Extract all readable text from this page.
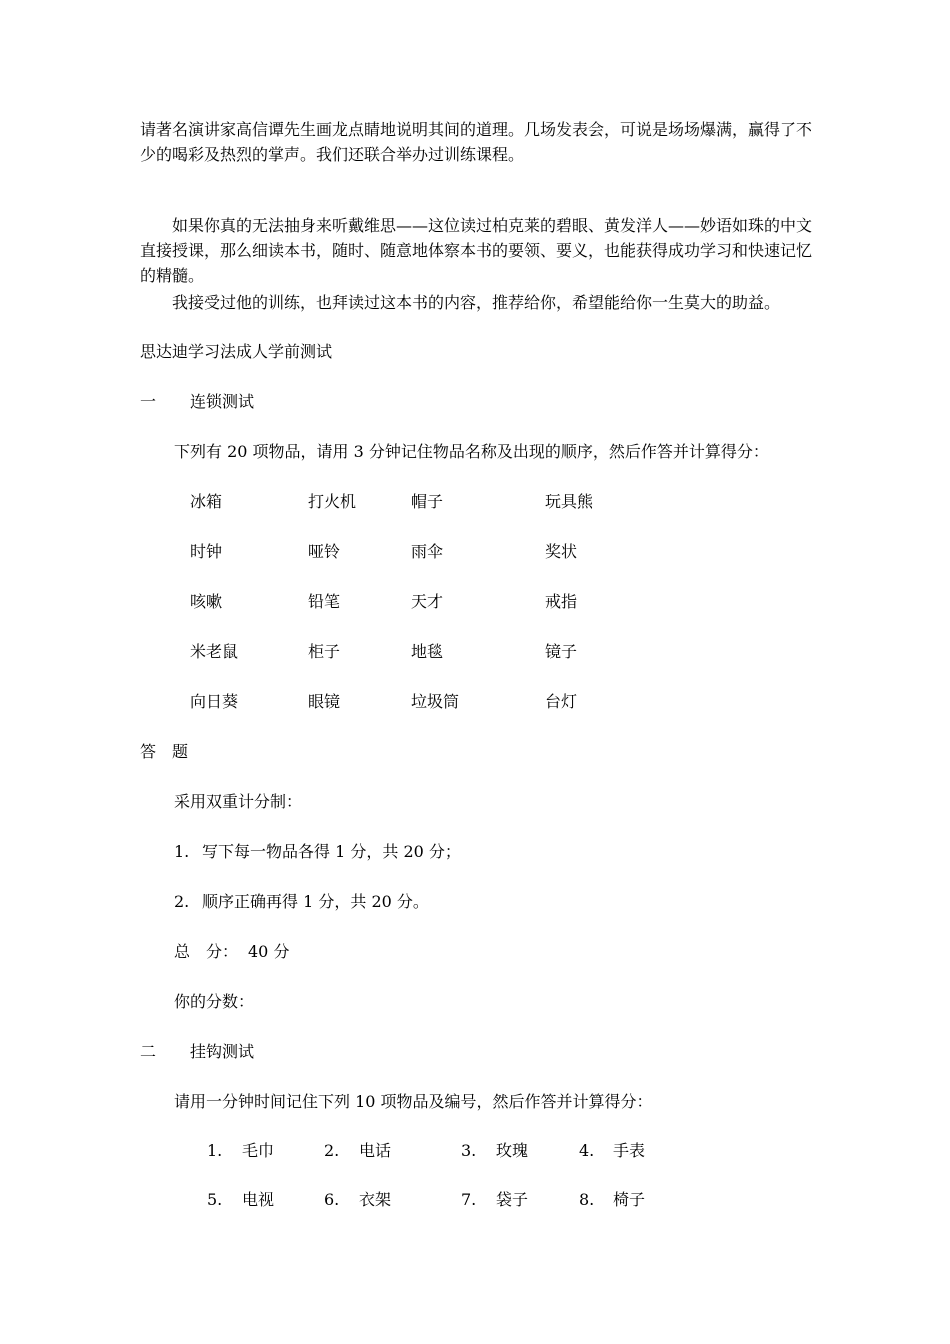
请著名演讲家高信谭先生画龙点睛地说明其间的道理。几场发表会，可说是场场爆满，赢得了不少的喝彩及热烈的掌声。我们还联合举办过训练课程。

如果你真的无法抽身来听戴维思——这位读过柏克莱的碧眼、黄发洋人——妙语如珠的中文直接授课，那么细读本书，随时、随意地体察本书的要领、要义，也能获得成功学习和快速记忆的精髓。

我接受过他的训练，也拜读过这本书的内容，推荐给你，希望能给你一生莫大的助益。

思达迪学习法成人学前测试

一 连锁测试

下列有 20 项物品，请用 3 分钟记住物品名称及出现的顺序，然后作答并计算得分：

冰箱	打火机	帽子	玩具熊
时钟	哑铃	雨伞	奖状
咳嗽	铅笔	天才	戒指
米老鼠	柜子	地毯	镜子
向日葵	眼镜	垃圾筒	台灯

答　题

采用双重计分制：

1. 写下每一物品各得 1 分，共 20 分；
2. 顺序正确再得 1 分，共 20 分。
总　分： 40 分

你的分数：

二 挂钩测试

请用一分钟时间记住下列 10 项物品及编号，然后作答并计算得分：

1. 毛巾	2. 电话	3. 玫瑰	4. 手表
5. 电视	6. 衣架	7. 袋子	8. 椅子
